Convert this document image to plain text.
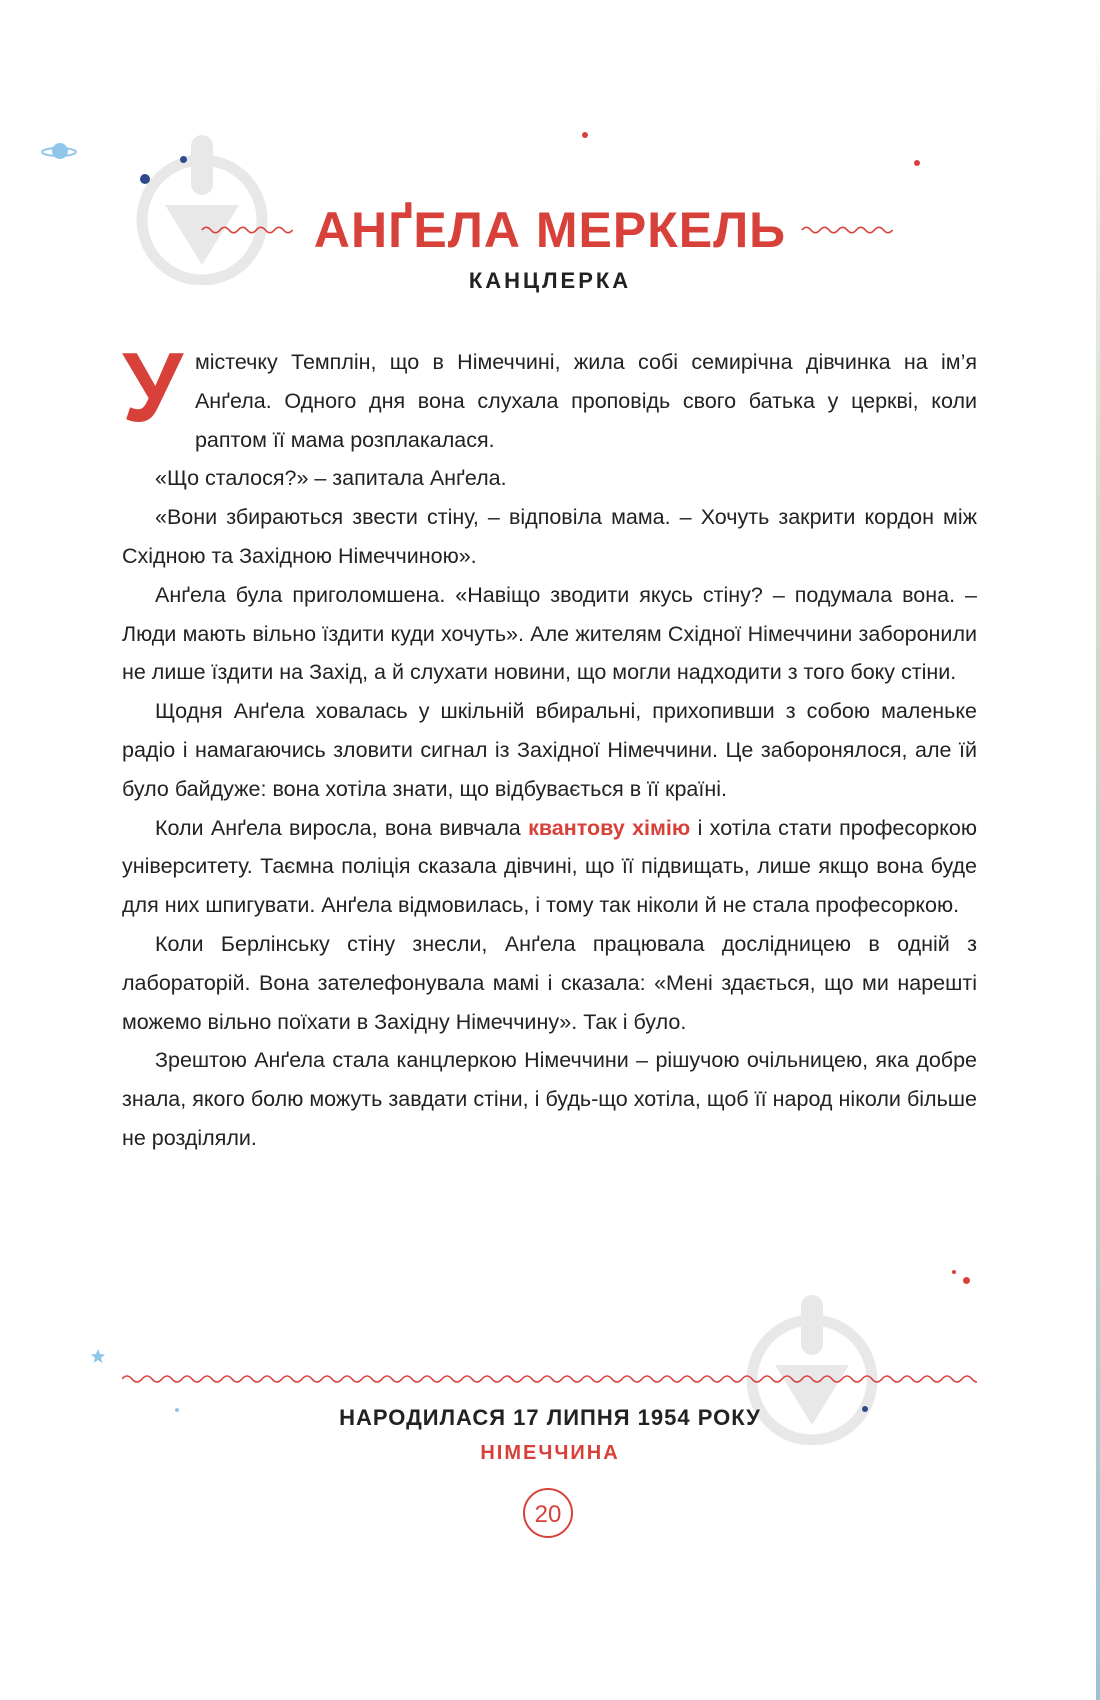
АНҐЕЛА МЕРКЕЛЬ
КАНЦЛЕРКА

У містечку Темплін, що в Німеччині, жила собі семирічна дівчинка на ім’я Анґела. Одного дня вона слухала проповідь свого батька у церкві, коли раптом її мама розплакалася.

«Що сталося?» – запитала Анґела.

«Вони збираються звести стіну, – відповіла мама. – Хочуть закрити кордон між Східною та Західною Німеччиною».

Анґела була приголомшена. «Навіщо зводити якусь стіну? – подумала вона. – Люди мають вільно їздити куди хочуть». Але жителям Східної Німеччини заборонили не лише їздити на Захід, а й слухати новини, що могли надходити з того боку стіни.

Щодня Анґела ховалась у шкільній вбиральні, прихопивши з собою маленьке радіо і намагаючись зловити сигнал із Західної Німеччини. Це заборонялося, але їй було байдуже: вона хотіла знати, що відбувається в її країні.

Коли Анґела виросла, вона вивчала квантову хімію і хотіла стати професоркою університету. Таємна поліція сказала дівчині, що її підвищать, лише якщо вона буде для них шпигувати. Анґела відмовилась, і тому так ніколи й не стала професоркою.

Коли Берлінську стіну знесли, Анґела працювала дослідницею в одній з лабораторій. Вона зателефонувала мамі і сказала: «Мені здається, що ми нарешті можемо вільно поїхати в Західну Німеччину». Так і було.

Зрештою Анґела стала канцлеркою Німеччини – рішучою очільницею, яка добре знала, якого болю можуть завдати стіни, і будь-що хотіла, щоб її народ ніколи більше не розділяли.

НАРОДИЛАСЯ 17 ЛИПНЯ 1954 РОКУ
НІМЕЧЧИНА
20
